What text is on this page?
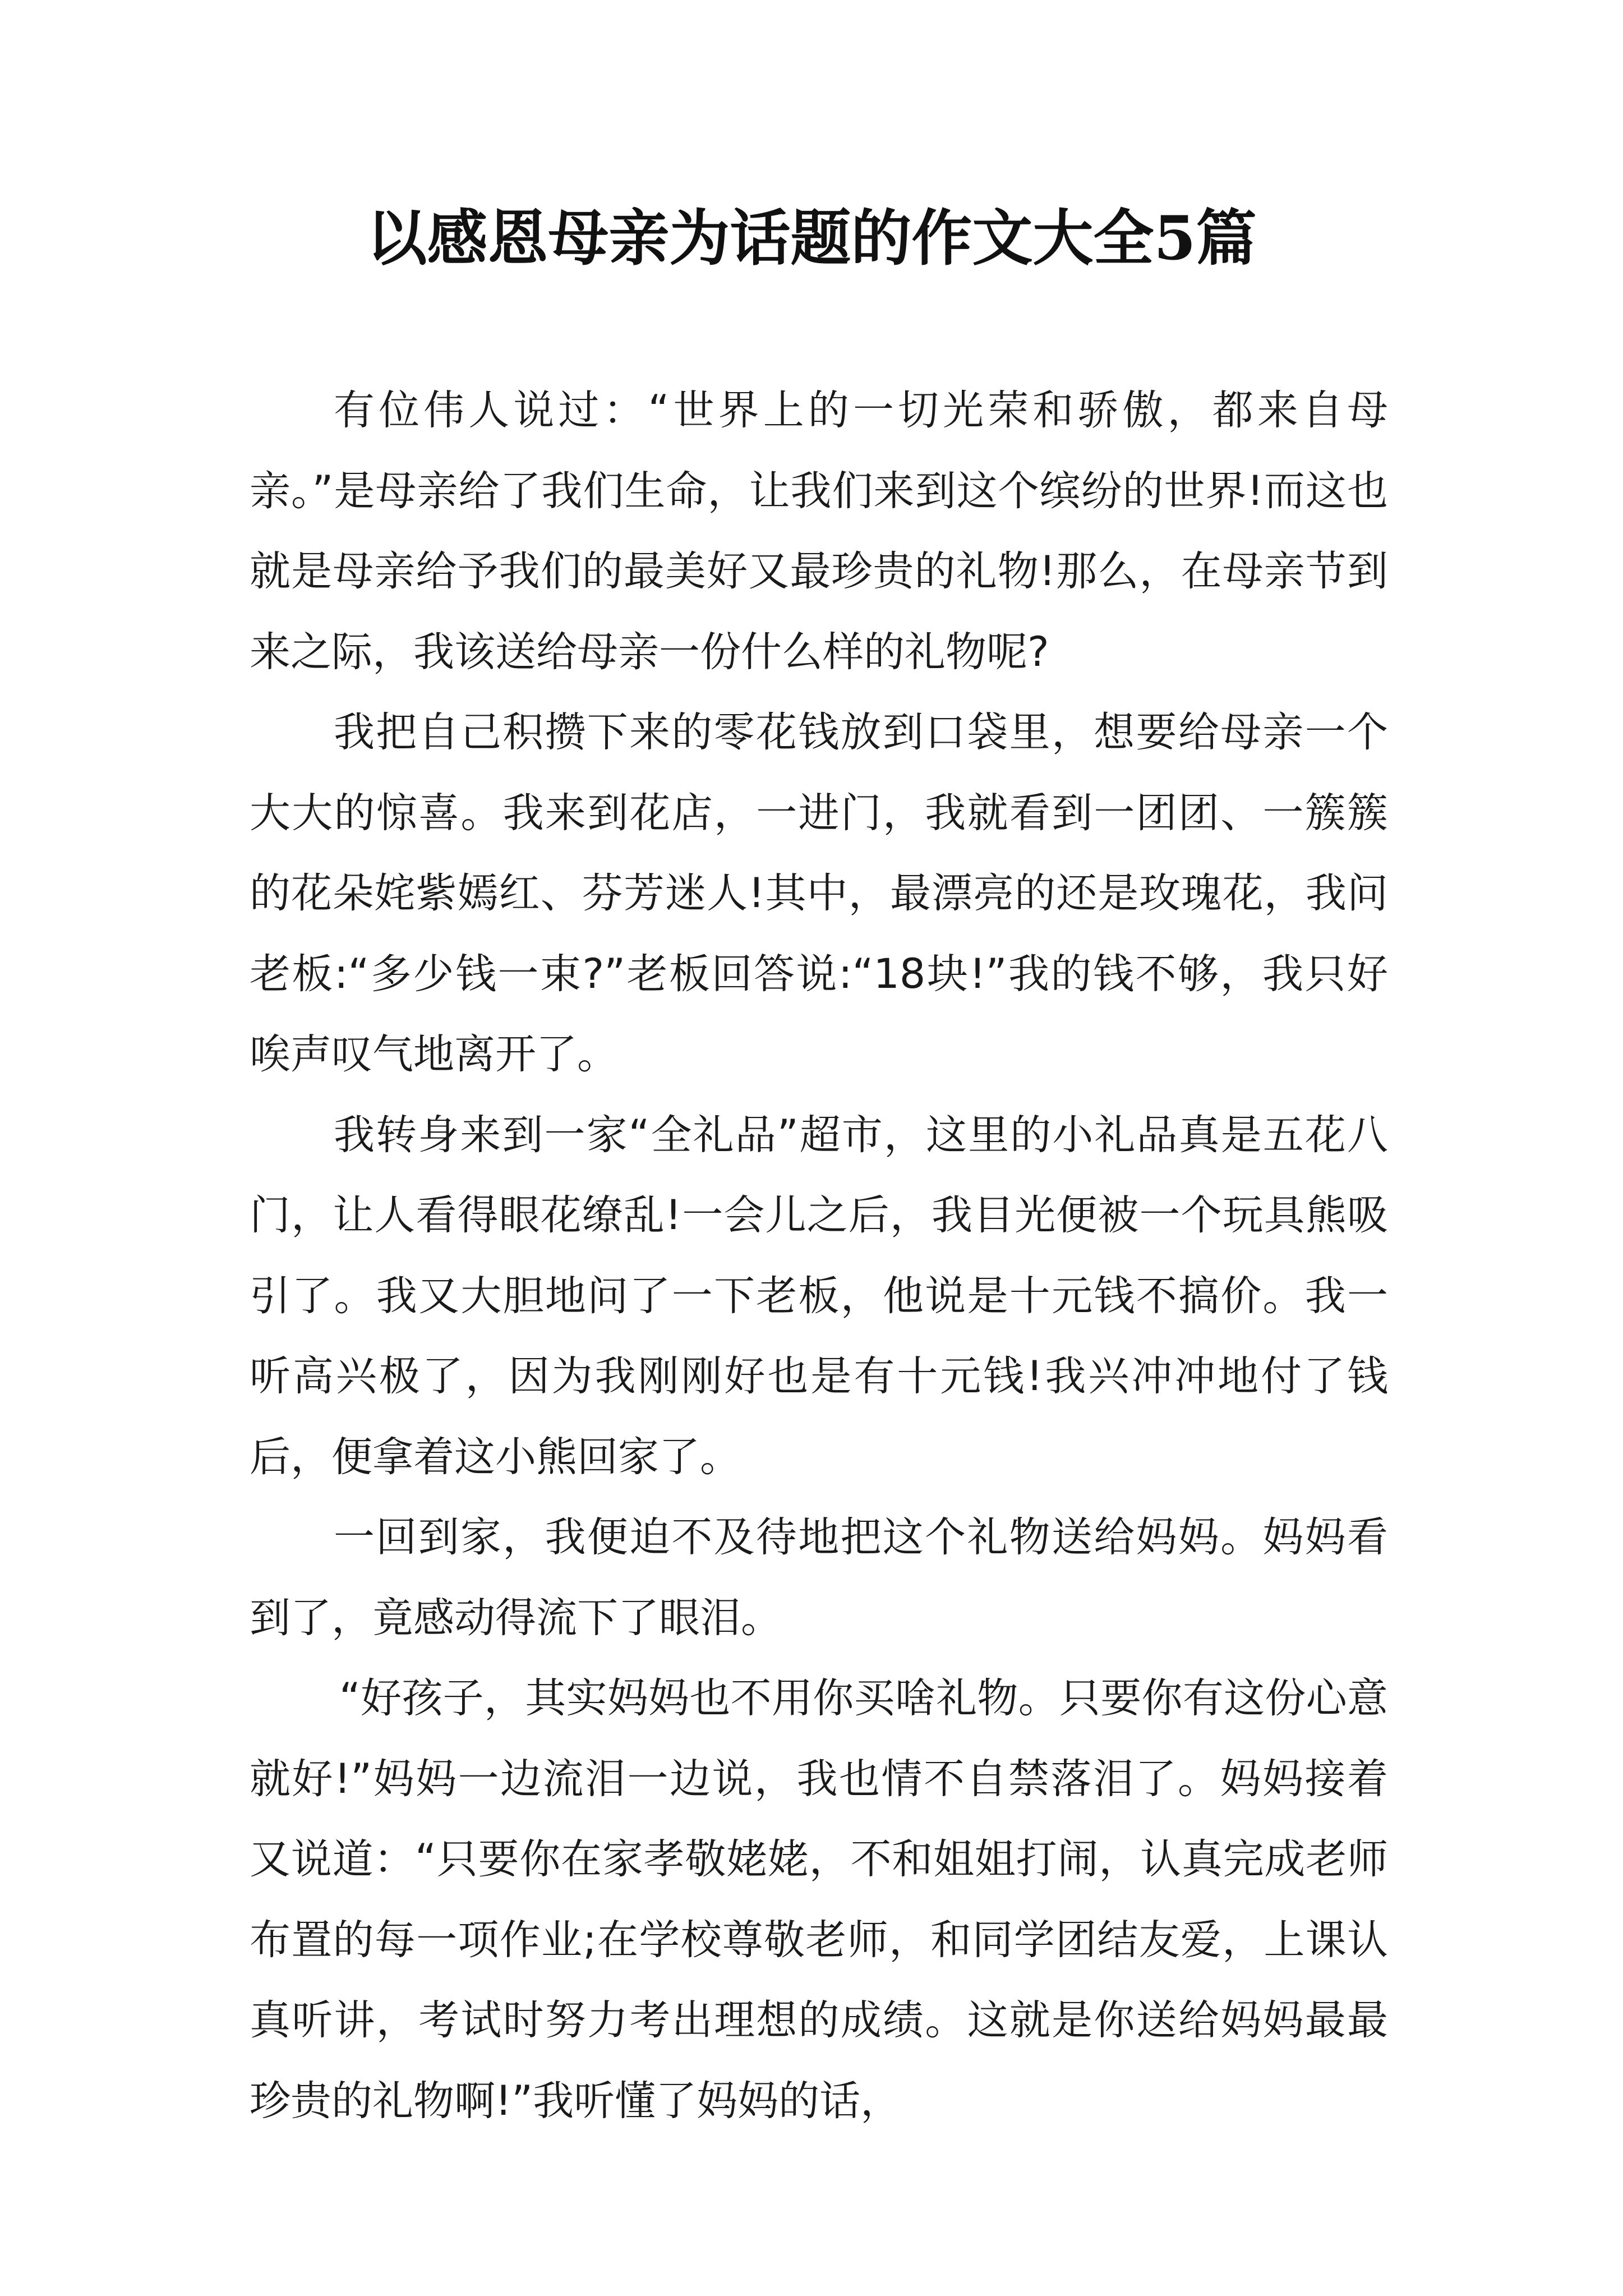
以感恩母亲为话题的作文大全5篇

有位伟人说过：“世界上的一切光荣和骄傲，都来自母亲。”是母亲给了我们生命，让我们来到这个缤纷的世界!而这也就是母亲给予我们的最美好又最珍贵的礼物!那么，在母亲节到来之际，我该送给母亲一份什么样的礼物呢?

我把自己积攒下来的零花钱放到口袋里，想要给母亲一个大大的惊喜。我来到花店，一进门，我就看到一团团、一簇簇的花朵姹紫嫣红、芬芳迷人!其中，最漂亮的还是玫瑰花，我问老板:“多少钱一束?”老板回答说:“18块!”我的钱不够，我只好唉声叹气地离开了。

我转身来到一家“全礼品”超市，这里的小礼品真是五花八门，让人看得眼花缭乱!一会儿之后，我目光便被一个玩具熊吸引了。我又大胆地问了一下老板，他说是十元钱不搞价。我一听高兴极了，因为我刚刚好也是有十元钱!我兴冲冲地付了钱后，便拿着这小熊回家了。

一回到家，我便迫不及待地把这个礼物送给妈妈。妈妈看到了，竟感动得流下了眼泪。

“好孩子，其实妈妈也不用你买啥礼物。只要你有这份心意就好!”妈妈一边流泪一边说，我也情不自禁落泪了。妈妈接着又说道：“只要你在家孝敬姥姥，不和姐姐打闹，认真完成老师布置的每一项作业;在学校尊敬老师，和同学团结友爱，上课认真听讲，考试时努力考出理想的成绩。这就是你送给妈妈最最珍贵的礼物啊!”我听懂了妈妈的话，
